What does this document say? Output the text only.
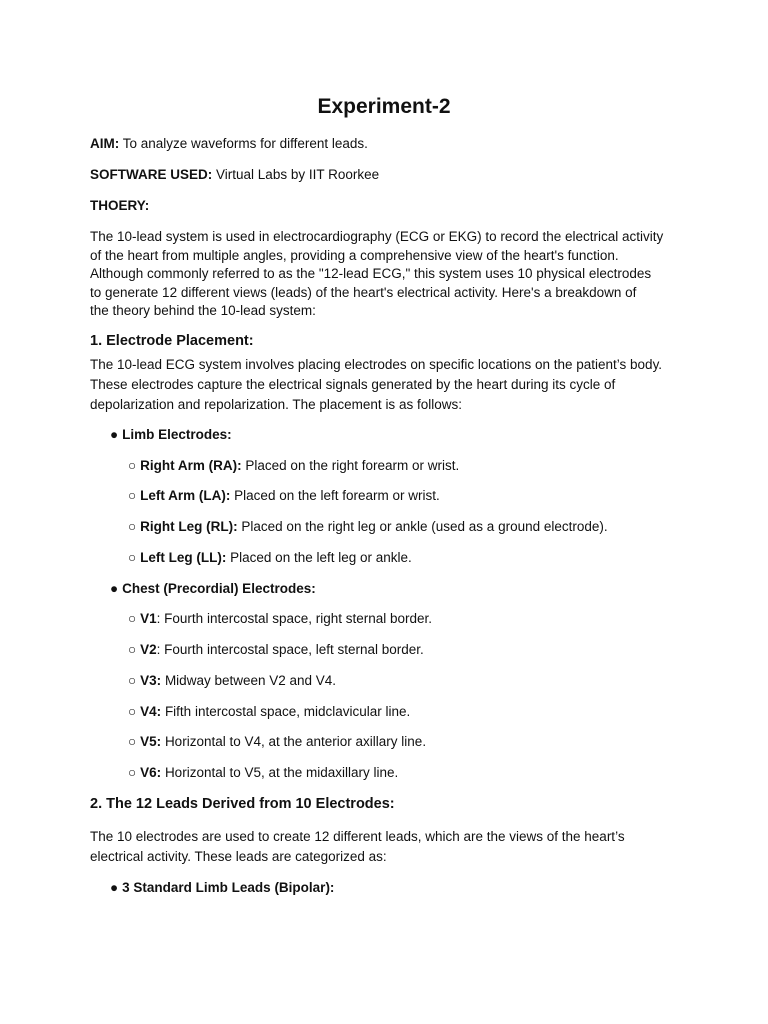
Experiment-2
AIM: To analyze waveforms for different leads.
SOFTWARE USED: Virtual Labs by IIT Roorkee
THOERY:
The 10-lead system is used in electrocardiography (ECG or EKG) to record the electrical activity
of the heart from multiple angles, providing a comprehensive view of the heart's function.
Although commonly referred to as the "12-lead ECG," this system uses 10 physical electrodes
to generate 12 different views (leads) of the heart's electrical activity. Here's a breakdown of
the theory behind the 10-lead system:
1. Electrode Placement:
The 10-lead ECG system involves placing electrodes on specific locations on the patient’s body.
These electrodes capture the electrical signals generated by the heart during its cycle of
depolarization and repolarization. The placement is as follows:
● Limb Electrodes:
○ Right Arm (RA): Placed on the right forearm or wrist.
○ Left Arm (LA): Placed on the left forearm or wrist.
○ Right Leg (RL): Placed on the right leg or ankle (used as a ground electrode).
○ Left Leg (LL): Placed on the left leg or ankle.
● Chest (Precordial) Electrodes:
○ V1: Fourth intercostal space, right sternal border.
○ V2: Fourth intercostal space, left sternal border.
○ V3: Midway between V2 and V4.
○ V4: Fifth intercostal space, midclavicular line.
○ V5: Horizontal to V4, at the anterior axillary line.
○ V6: Horizontal to V5, at the midaxillary line.
2. The 12 Leads Derived from 10 Electrodes:
The 10 electrodes are used to create 12 different leads, which are the views of the heart’s
electrical activity. These leads are categorized as:
● 3 Standard Limb Leads (Bipolar):
